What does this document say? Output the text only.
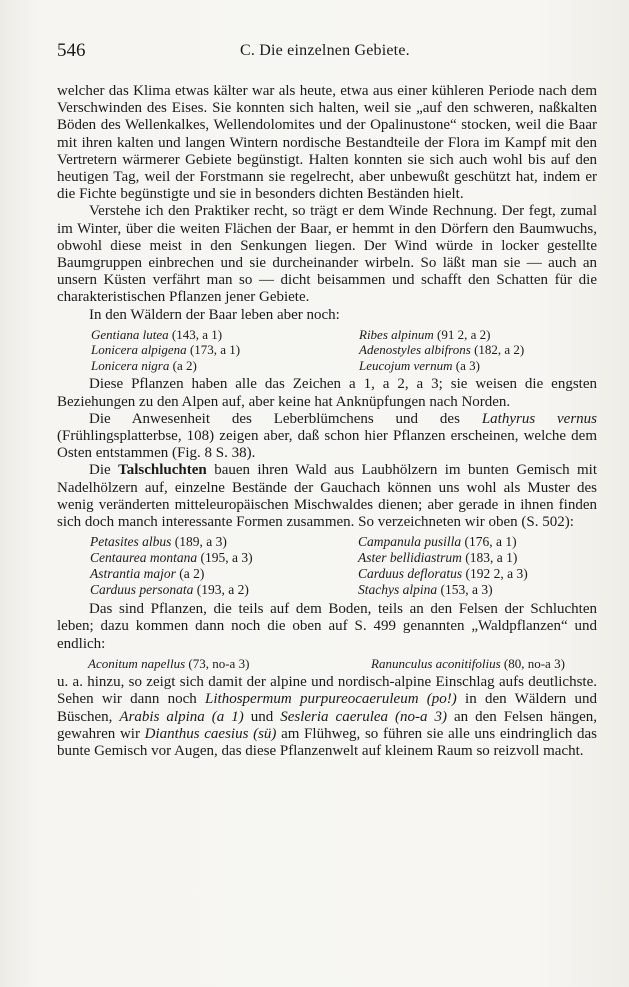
546	C. Die einzelnen Gebiete.

welcher das Klima etwas kälter war als heute, etwa aus einer kühleren Periode nach dem Verschwinden des Eises. Sie konnten sich halten, weil sie „auf den schweren, naßkalten Böden des Wellenkalkes, Wellendolomites und der Opalinustone“ stocken, weil die Baar mit ihren kalten und langen Wintern nordische Bestandteile der Flora im Kampf mit den Vertretern wärmerer Gebiete begünstigt. Halten konnten sie sich auch wohl bis auf den heutigen Tag, weil der Forstmann sie regelrecht, aber unbewußt geschützt hat, indem er die Fichte begünstigte und sie in besonders dichten Beständen hielt.

Verstehe ich den Praktiker recht, so trägt er dem Winde Rechnung. Der fegt, zumal im Winter, über die weiten Flächen der Baar, er hemmt in den Dörfern den Baumwuchs, obwohl diese meist in den Senkungen liegen. Der Wind würde in locker gestellte Baumgruppen einbrechen und sie durcheinander wirbeln. So läßt man sie — auch an unsern Küsten verfährt man so — dicht beisammen und schafft den Schatten für die charakteristischen Pflanzen jener Gebiete.

In den Wäldern der Baar leben aber noch:

Gentiana lutea (143, a 1)	Ribes alpinum (91 2, a 2)
Lonicera alpigena (173, a 1)	Adenostyles albifrons (182, a 2)
Lonicera nigra (a 2)	Leucojum vernum (a 3)

Diese Pflanzen haben alle das Zeichen a 1, a 2, a 3; sie weisen die engsten Beziehungen zu den Alpen auf, aber keine hat Anknüpfungen nach Norden.

Die Anwesenheit des Leberblümchens und des Lathyrus vernus (Frühlingsplatterbse, 108) zeigen aber, daß schon hier Pflanzen erscheinen, welche dem Osten entstammen (Fig. 8 S. 38).

Die Talschluchten bauen ihren Wald aus Laubhölzern im bunten Gemisch mit Nadelhölzern auf, einzelne Bestände der Gauchach können uns wohl als Muster des wenig veränderten mitteleuropäischen Mischwaldes dienen; aber gerade in ihnen finden sich doch manch interessante Formen zusammen. So verzeichneten wir oben (S. 502):

Petasites albus (189, a 3)	Campanula pusilla (176, a 1)
Centaurea montana (195, a 3)	Aster bellidiastrum (183, a 1)
Astrantia major (a 2)	Carduus defloratus (192 2, a 3)
Carduus personata (193, a 2)	Stachys alpina (153, a 3)

Das sind Pflanzen, die teils auf dem Boden, teils an den Felsen der Schluchten leben; dazu kommen dann noch die oben auf S. 499 genannten „Waldpflanzen“ und endlich:

Aconitum napellus (73, no-a 3)	Ranunculus aconitifolius (80, no-a 3)

u. a. hinzu, so zeigt sich damit der alpine und nordisch-alpine Einschlag aufs deutlichste. Sehen wir dann noch Lithospermum purpureocaeruleum (po!) in den Wäldern und Büschen, Arabis alpina (a 1) und Sesleria caerulea (no-a 3) an den Felsen hängen, gewahren wir Dianthus caesius (sü) am Flühweg, so führen sie alle uns eindringlich das bunte Gemisch vor Augen, das diese Pflanzenwelt auf kleinem Raum so reizvoll macht.
